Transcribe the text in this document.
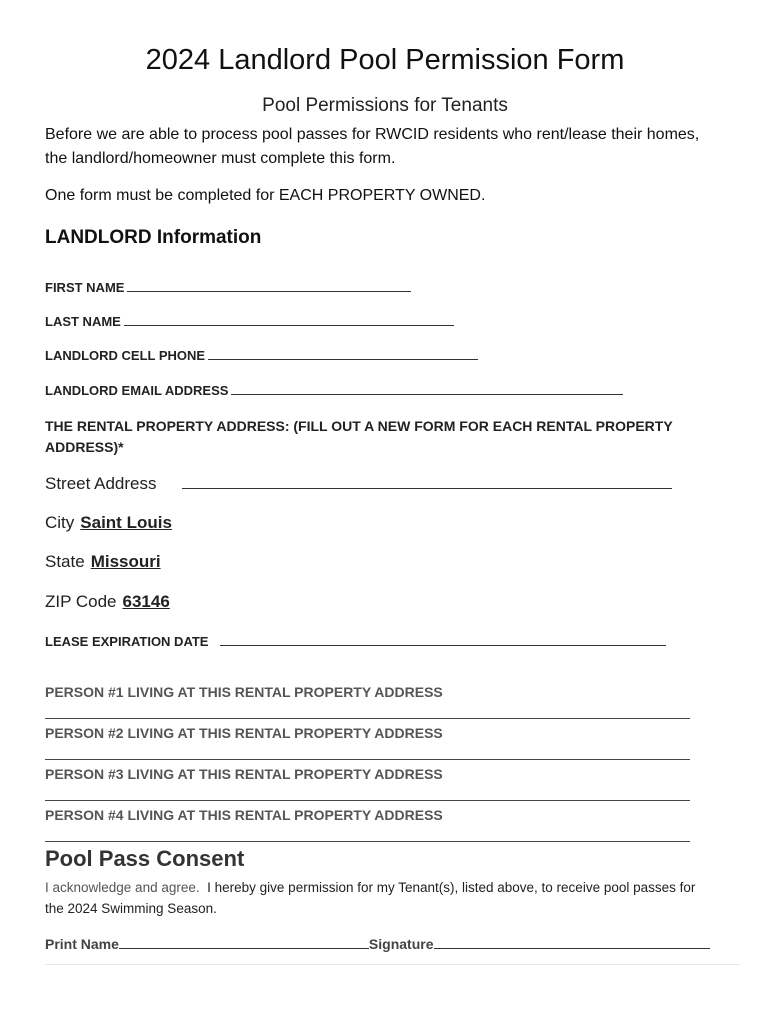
2024 Landlord Pool Permission Form
Pool Permissions for Tenants
Before we are able to process pool passes for RWCID residents who rent/lease their homes, the landlord/homeowner must complete this form.
One form must be completed for EACH PROPERTY OWNED.
LANDLORD Information
FIRST NAME
LAST NAME
LANDLORD CELL PHONE
LANDLORD EMAIL ADDRESS
THE RENTAL PROPERTY ADDRESS: (FILL OUT A NEW FORM FOR EACH RENTAL PROPERTY ADDRESS)*
Street Address
City Saint Louis
State Missouri
ZIP Code 63146
LEASE EXPIRATION DATE
PERSON #1 LIVING AT THIS RENTAL PROPERTY ADDRESS
PERSON #2 LIVING AT THIS RENTAL PROPERTY ADDRESS
PERSON #3 LIVING AT THIS RENTAL PROPERTY ADDRESS
PERSON #4 LIVING AT THIS RENTAL PROPERTY ADDRESS
Pool Pass Consent
I acknowledge and agree. I hereby give permission for my Tenant(s), listed above, to receive pool passes for the 2024 Swimming Season.
Print Name	Signature
